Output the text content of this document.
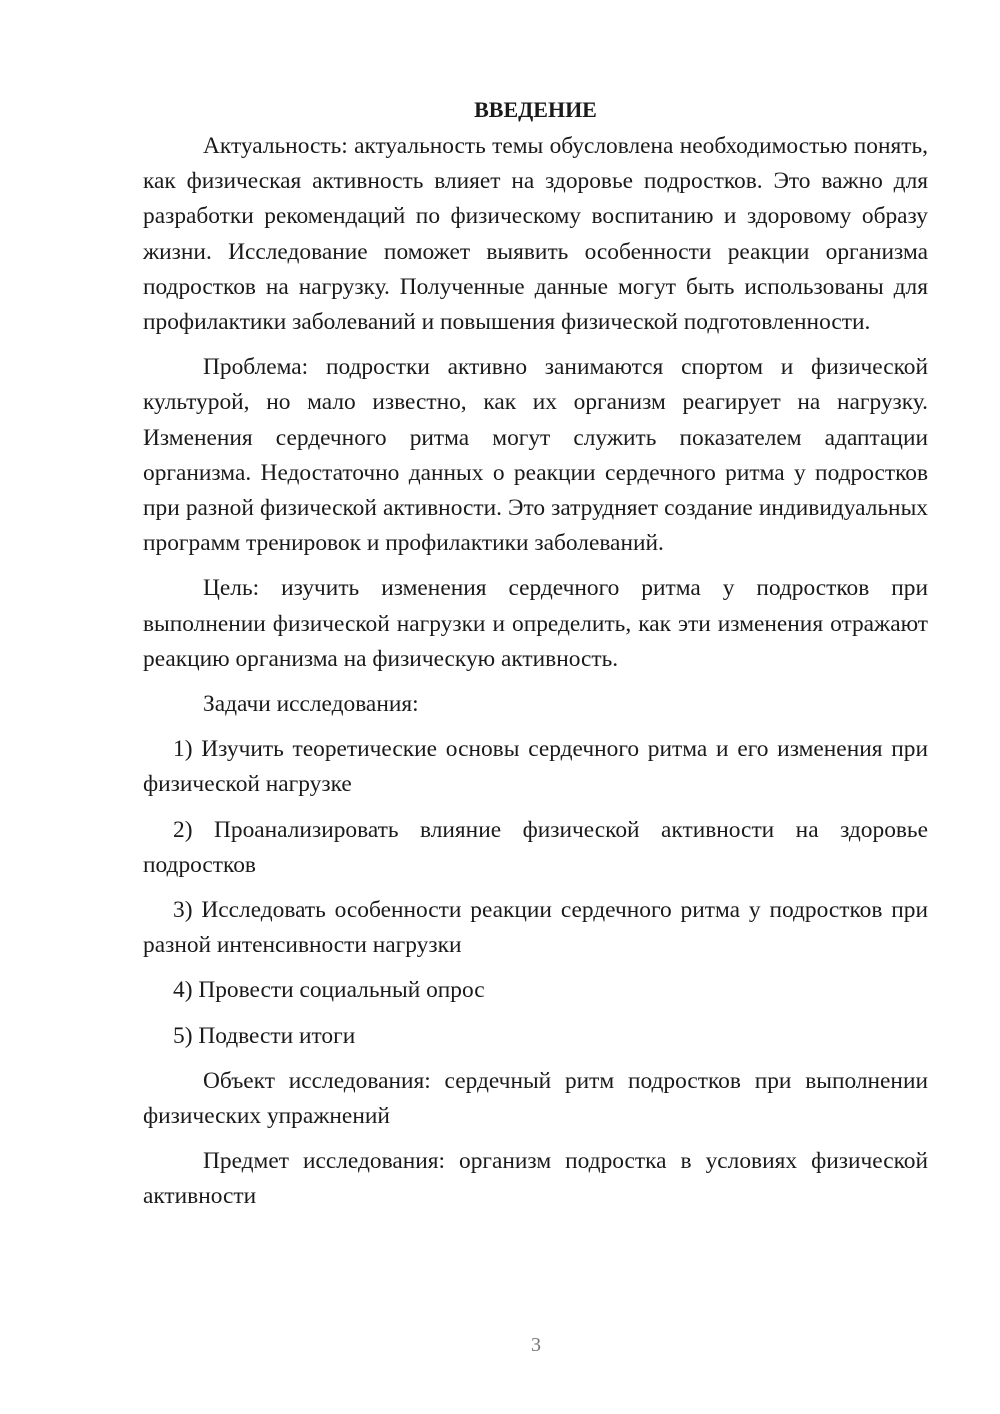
ВВЕДЕНИЕ

Актуальность: актуальность темы обусловлена необходимостью понять, как физическая активность влияет на здоровье подростков. Это важно для разработки рекомендаций по физическому воспитанию и здоровому образу жизни. Исследование поможет выявить особенности реакции организма подростков на нагрузку. Полученные данные могут быть использованы для профилактики заболеваний и повышения физической подготовленности.

Проблема: подростки активно занимаются спортом и физической культурой, но мало известно, как их организм реагирует на нагрузку. Изменения сердечного ритма могут служить показателем адаптации организма. Недостаточно данных о реакции сердечного ритма у подростков при разной физической активности. Это затрудняет создание индивидуальных программ тренировок и профилактики заболеваний.

Цель: изучить изменения сердечного ритма у подростков при выполнении физической нагрузки и определить, как эти изменения отражают реакцию организма на физическую активность.

Задачи исследования:

1) Изучить теоретические основы сердечного ритма и его изменения при физической нагрузке

2) Проанализировать влияние физической активности на здоровье подростков

3) Исследовать особенности реакции сердечного ритма у подростков при разной интенсивности нагрузки

4) Провести социальный опрос

5) Подвести итоги

Объект исследования: сердечный ритм подростков при выполнении физических упражнений

Предмет исследования: организм подростка в условиях физической активности

3
